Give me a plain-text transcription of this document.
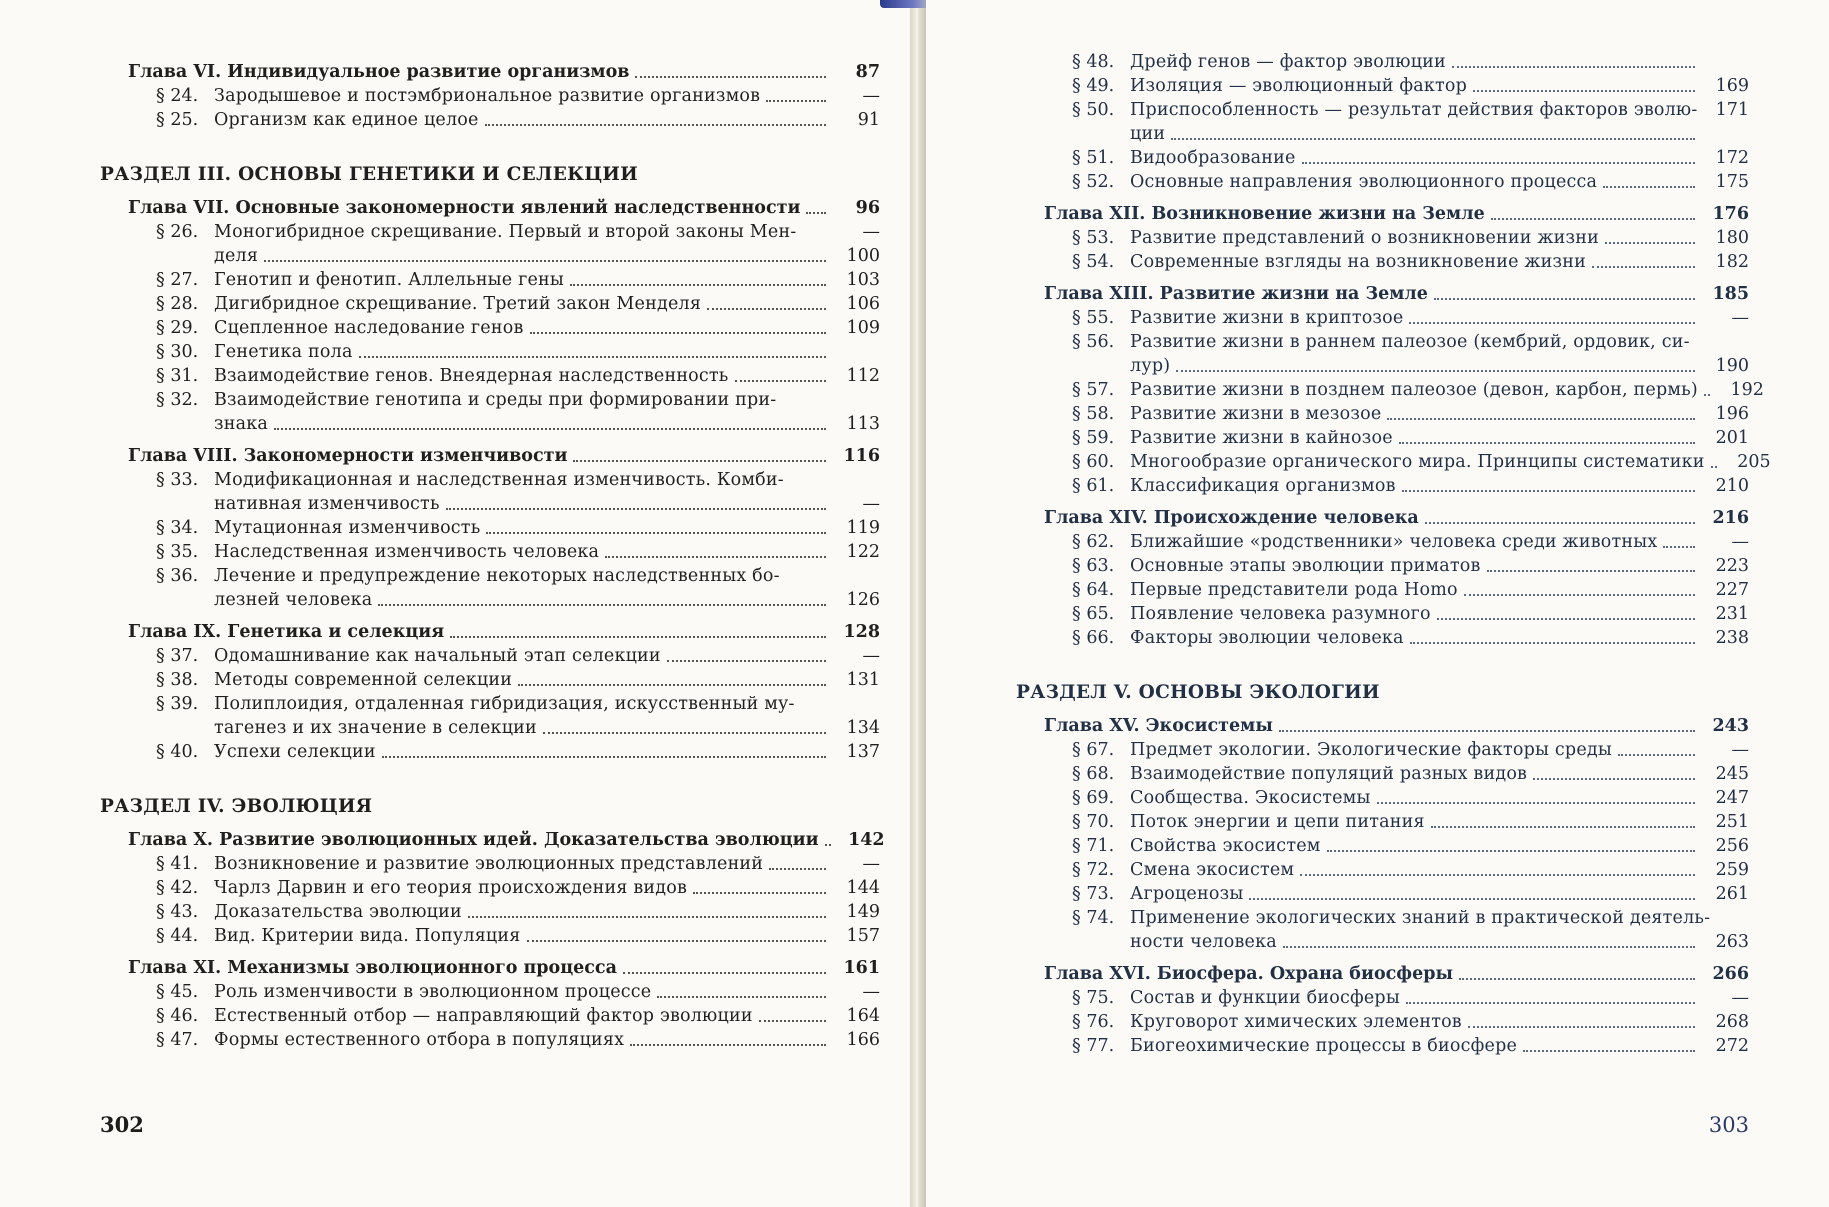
Глава VI. Индивидуальное развитие организмов	87
§ 24. Зародышевое и постэмбриональное развитие организмов	—
§ 25. Организм как единое целое	91
РАЗДЕЛ III. ОСНОВЫ ГЕНЕТИКИ И СЕЛЕКЦИИ
Глава VII. Основные закономерности явлений наследственности	96
§ 26. Моногибридное скрещивание. Первый и второй законы Мен-	—
деля	100
§ 27. Генотип и фенотип. Аллельные гены	103
§ 28. Дигибридное скрещивание. Третий закон Менделя	106
§ 29. Сцепленное наследование генов	109
§ 30. Генетика пола
§ 31. Взаимодействие генов. Внеядерная наследственность	112
§ 32. Взаимодействие генотипа и среды при формировании при-
знака	113
Глава VIII. Закономерности изменчивости	116
§ 33. Модификационная и наследственная изменчивость. Комби-
нативная изменчивость	—
§ 34. Мутационная изменчивость	119
§ 35. Наследственная изменчивость человека	122
§ 36. Лечение и предупреждение некоторых наследственных бо-
лезней человека	126
Глава IX. Генетика и селекция	128
§ 37. Одомашнивание как начальный этап селекции	—
§ 38. Методы современной селекции	131
§ 39. Полиплоидия, отдаленная гибридизация, искусственный му-
тагенез и их значение в селекции	134
§ 40. Успехи селекции	137
РАЗДЕЛ IV. ЭВОЛЮЦИЯ
Глава X. Развитие эволюционных идей. Доказательства эволюции	142
§ 41. Возникновение и развитие эволюционных представлений	—
§ 42. Чарлз Дарвин и его теория происхождения видов	144
§ 43. Доказательства эволюции	149
§ 44. Вид. Критерии вида. Популяция	157
Глава XI. Механизмы эволюционного процесса	161
§ 45. Роль изменчивости в эволюционном процессе	—
§ 46. Естественный отбор — направляющий фактор эволюции	164
§ 47. Формы естественного отбора в популяциях	166
302
§ 48. Дрейф генов — фактор эволюции
§ 49. Изоляция — эволюционный фактор	169
§ 50. Приспособленность — результат действия факторов эволю-	171
ции
§ 51. Видообразование	172
§ 52. Основные направления эволюционного процесса	175
Глава XII. Возникновение жизни на Земле	176
§ 53. Развитие представлений о возникновении жизни	180
§ 54. Современные взгляды на возникновение жизни	182
Глава XIII. Развитие жизни на Земле	185
§ 55. Развитие жизни в криптозое	—
§ 56. Развитие жизни в раннем палеозое (кембрий, ордовик, си-
лур)	190
§ 57. Развитие жизни в позднем палеозое (девон, карбон, пермь)	192
§ 58. Развитие жизни в мезозое	196
§ 59. Развитие жизни в кайнозое	201
§ 60. Многообразие органического мира. Принципы систематики	205
§ 61. Классификация организмов	210
Глава XIV. Происхождение человека	216
§ 62. Ближайшие «родственники» человека среди животных	—
§ 63. Основные этапы эволюции приматов	223
§ 64. Первые представители рода Homo	227
§ 65. Появление человека разумного	231
§ 66. Факторы эволюции человека	238
РАЗДЕЛ V. ОСНОВЫ ЭКОЛОГИИ
Глава XV. Экосистемы	243
§ 67. Предмет экологии. Экологические факторы среды	—
§ 68. Взаимодействие популяций разных видов	245
§ 69. Сообщества. Экосистемы	247
§ 70. Поток энергии и цепи питания	251
§ 71. Свойства экосистем	256
§ 72. Смена экосистем	259
§ 73. Агроценозы	261
§ 74. Применение экологических знаний в практической деятель-
ности человека	263
Глава XVI. Биосфера. Охрана биосферы	266
§ 75. Состав и функции биосферы	—
§ 76. Круговорот химических элементов	268
§ 77. Биогеохимические процессы в биосфере	272
303
